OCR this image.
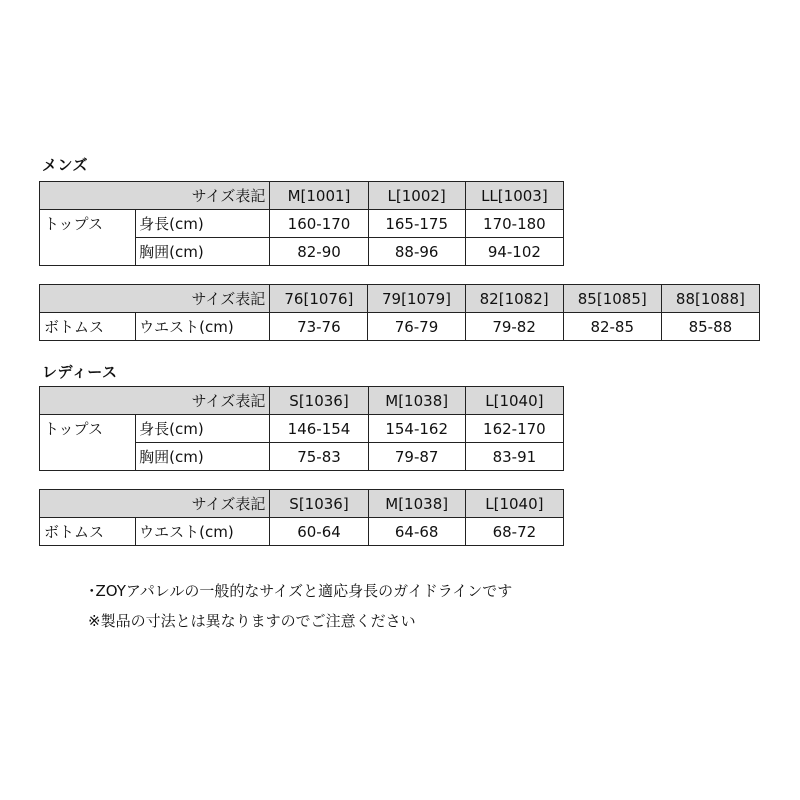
メンズ
サイズ表記		M[1001]	L[1002]	LL[1003]
トップス	身長(cm)	160-170	165-175	170-180
	胸囲(cm)	82-90	88-96	94-102
サイズ表記		76[1076]	79[1079]	82[1082]	85[1085]	88[1088]
ボトムス	ウエスト(cm)	73-76	76-79	79-82	82-85	85-88
レディース
サイズ表記		S[1036]	M[1038]	L[1040]
トップス	身長(cm)	146-154	154-162	162-170
	胸囲(cm)	75-83	79-87	83-91
サイズ表記		S[1036]	M[1038]	L[1040]
ボトムス	ウエスト(cm)	60-64	64-68	68-72
･ZOYアパレルの一般的なサイズと適応身長のガイドラインです
※製品の寸法とは異なりますのでご注意ください
